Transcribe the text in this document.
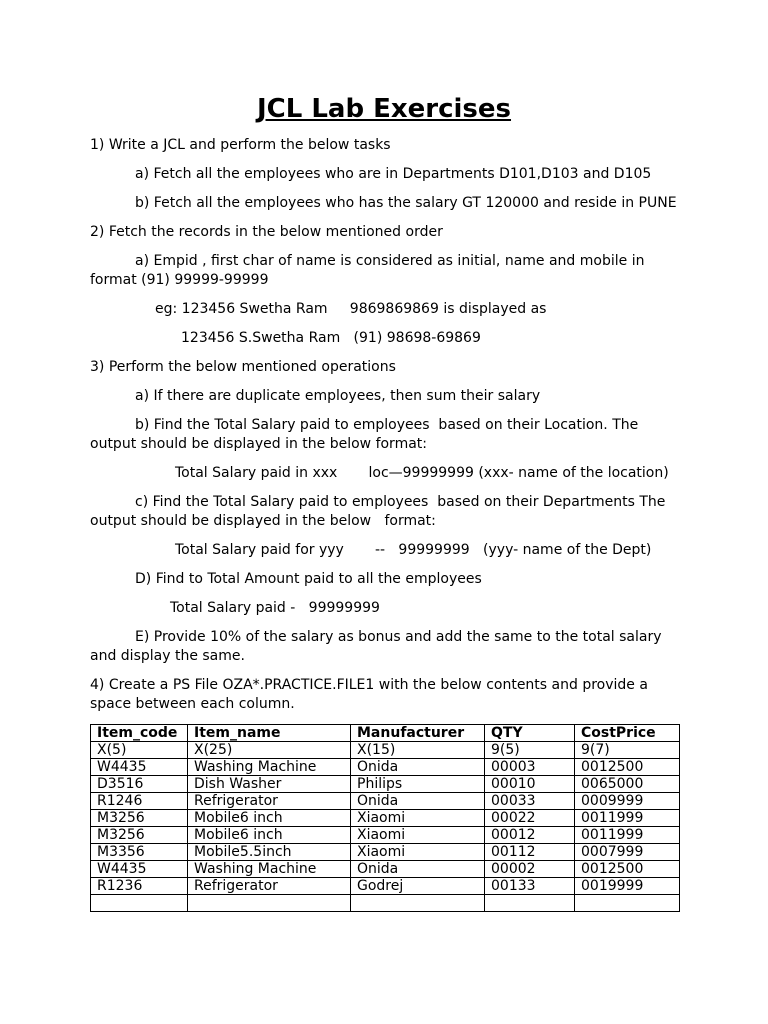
JCL Lab Exercises

1) Write a JCL and perform the below tasks

a) Fetch all the employees who are in Departments D101,D103 and D105

b) Fetch all the employees who has the salary GT 120000 and reside in PUNE

2) Fetch the records in the below mentioned order

a) Empid , first char of name is considered as initial, name and mobile in

format (91) 99999-99999

eg: 123456 Swetha Ram     9869869869 is displayed as

123456 S.Swetha Ram   (91) 98698-69869

3) Perform the below mentioned operations

a) If there are duplicate employees, then sum their salary

b) Find the Total Salary paid to employees  based on their Location. The

output should be displayed in the below format:

Total Salary paid in xxx       loc—99999999 (xxx- name of the location)

c) Find the Total Salary paid to employees  based on their Departments The

output should be displayed in the below   format:

Total Salary paid for yyy       --   99999999   (yyy- name of the Dept)

D) Find to Total Amount paid to all the employees

Total Salary paid -   99999999

E) Provide 10% of the salary as bonus and add the same to the total salary

and display the same.

4) Create a PS File OZA*.PRACTICE.FILE1 with the below contents and provide a

space between each column.

Item_code	Item_name	Manufacturer	QTY	CostPrice
X(5)	X(25)	X(15)	9(5)	9(7)
W4435	Washing Machine	Onida	00003	0012500
D3516	Dish Washer	Philips	00010	0065000
R1246	Refrigerator	Onida	00033	0009999
M3256	Mobile6 inch	Xiaomi	00022	0011999
M3256	Mobile6 inch	Xiaomi	00012	0011999
M3356	Mobile5.5inch	Xiaomi	00112	0007999
W4435	Washing Machine	Onida	00002	0012500
R1236	Refrigerator	Godrej	00133	0019999
